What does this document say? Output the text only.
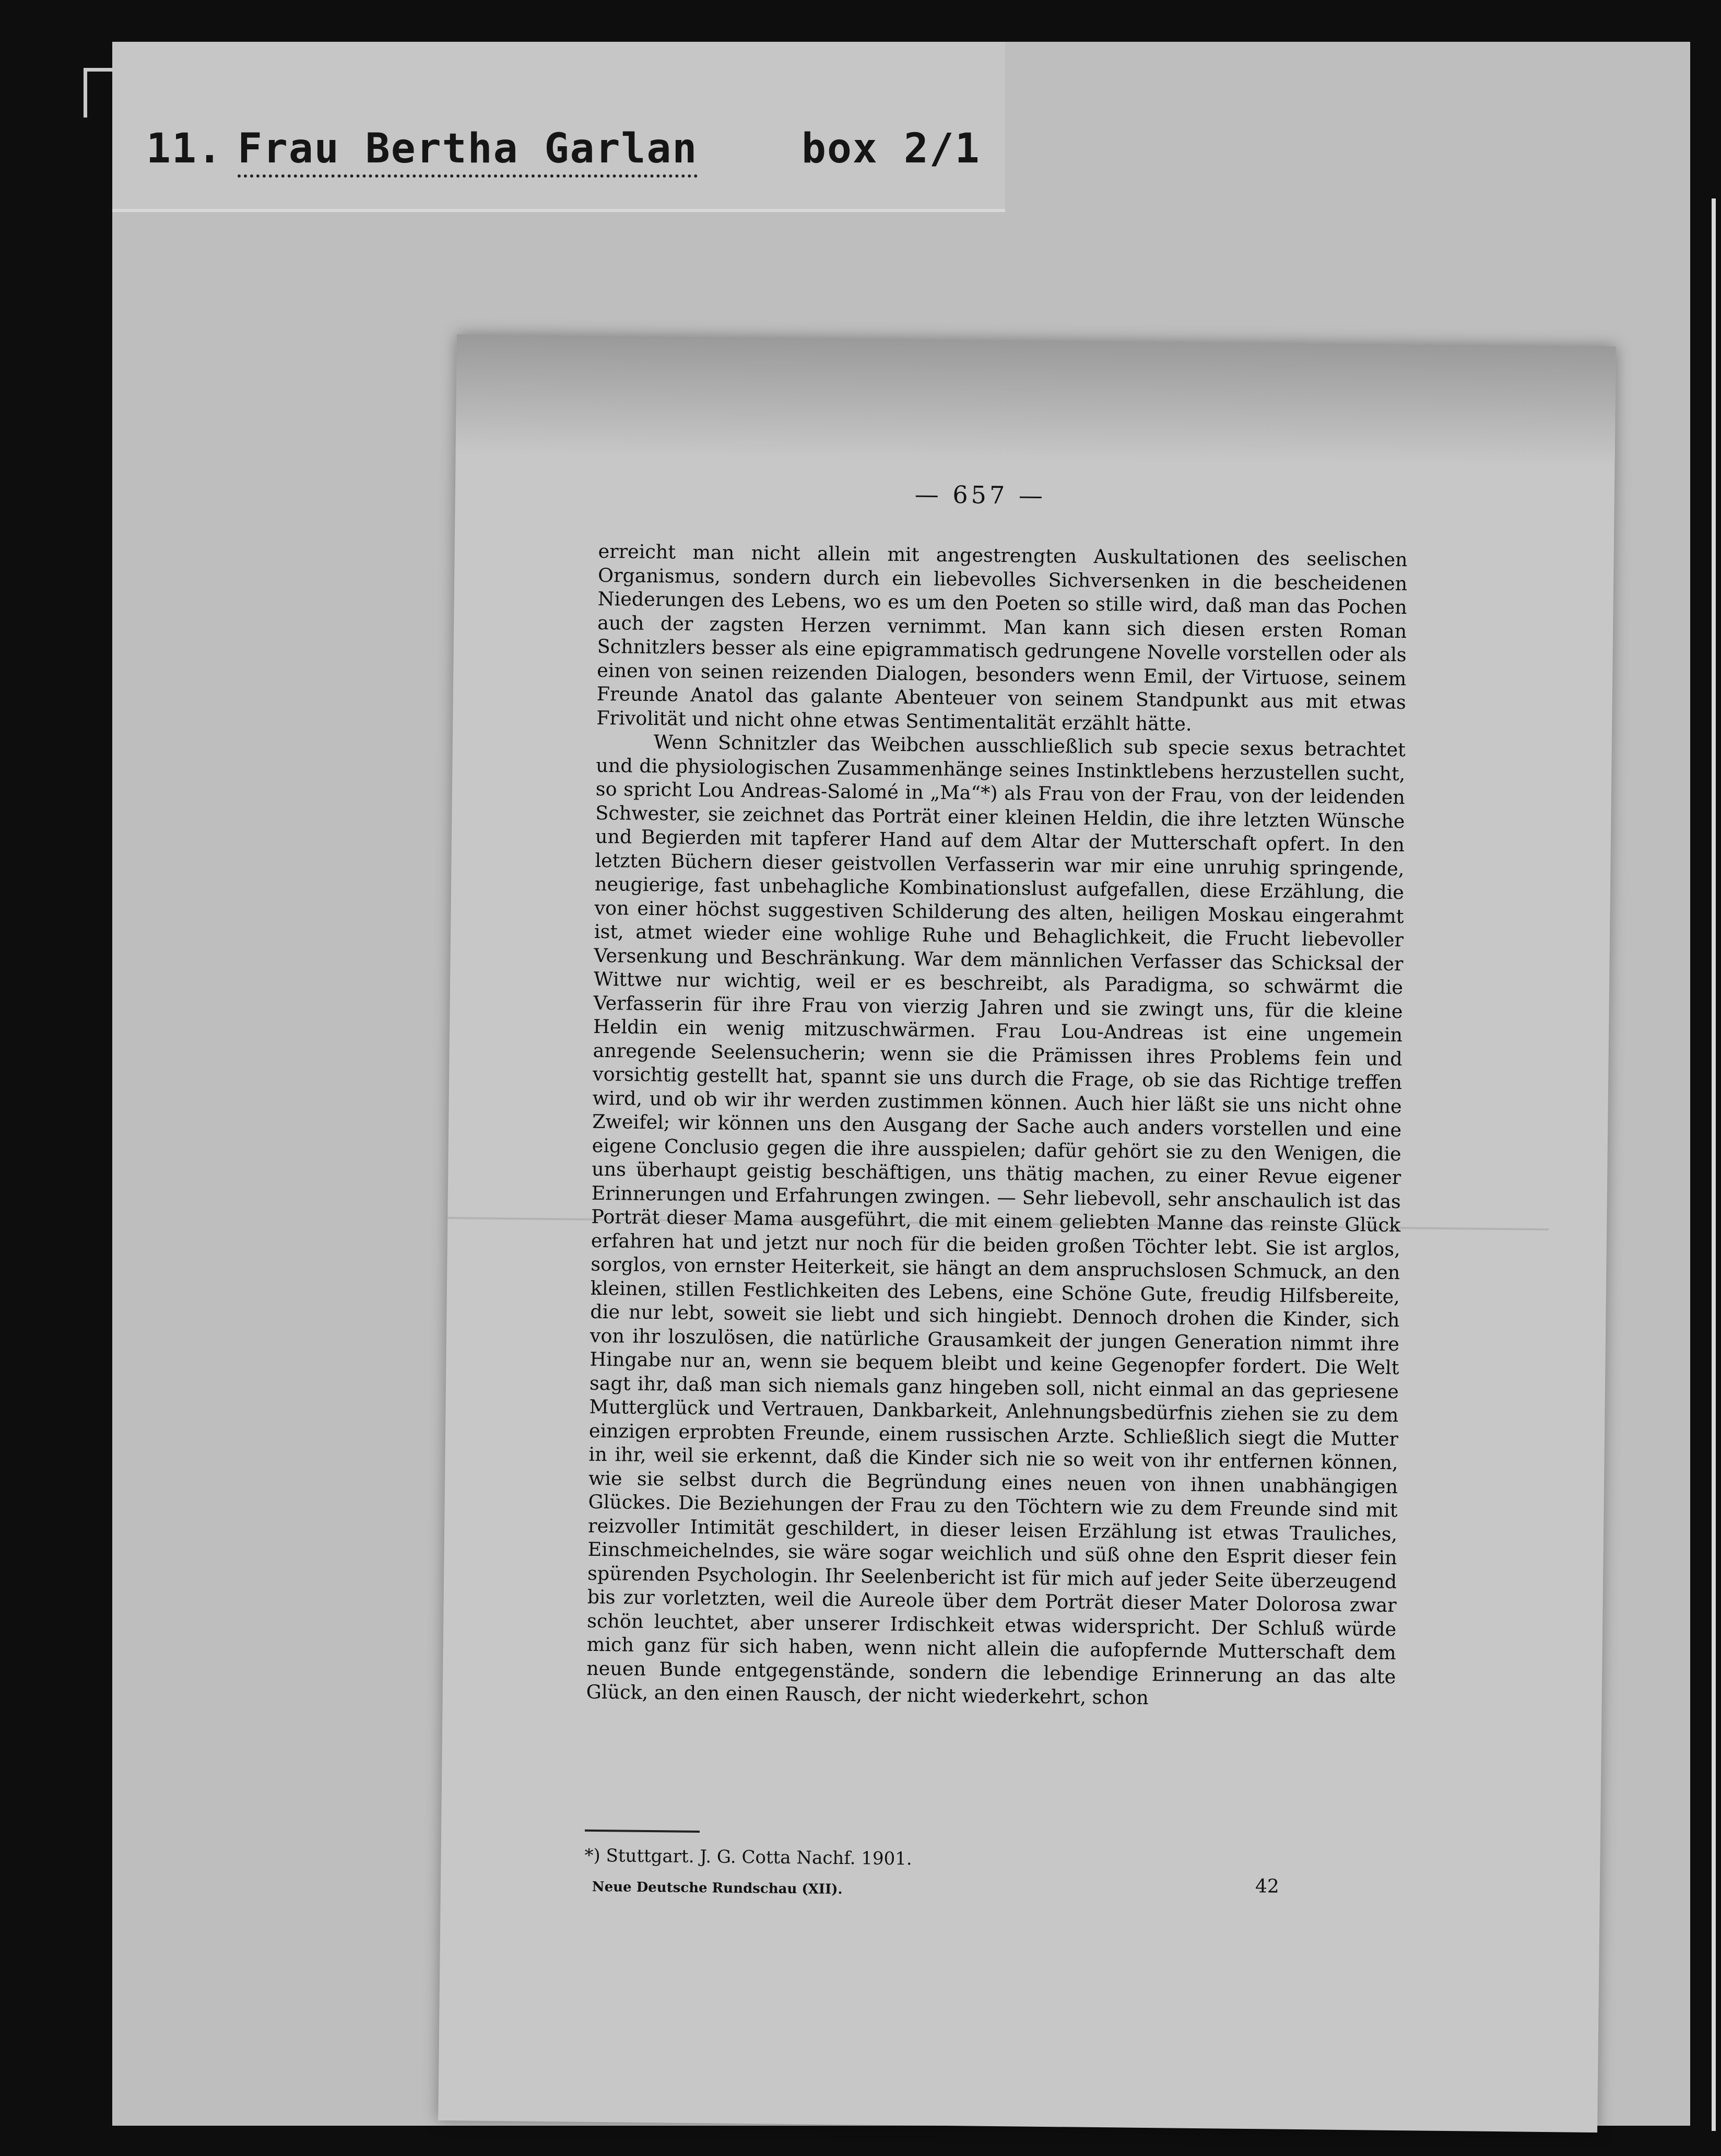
11. Frau Bertha Garlan	box 2/1
— 657 —

erreicht man nicht allein mit angestrengten Auskultationen des seelischen Organismus, sondern durch ein liebevolles Sichversenken in die bescheidenen Niederungen des Lebens, wo es um den Poeten so stille wird, daß man das Pochen auch der zagsten Herzen vernimmt. Man kann sich diesen ersten Roman Schnitzlers besser als eine epigrammatisch gedrungene Novelle vorstellen oder als einen von seinen reizenden Dialogen, besonders wenn Emil, der Virtuose, seinem Freunde Anatol das galante Abenteuer von seinem Standpunkt aus mit etwas Frivolität und nicht ohne etwas Sentimentalität erzählt hätte.

Wenn Schnitzler das Weibchen ausschließlich sub specie sexus betrachtet und die physiologischen Zusammenhänge seines Instinktlebens herzustellen sucht, so spricht Lou Andreas-Salomé in „Ma“*) als Frau von der Frau, von der leidenden Schwester, sie zeichnet das Porträt einer kleinen Heldin, die ihre letzten Wünsche und Begierden mit tapferer Hand auf dem Altar der Mutterschaft opfert. In den letzten Büchern dieser geistvollen Verfasserin war mir eine unruhig springende, neugierige, fast unbehagliche Kombinationslust aufgefallen, diese Erzählung, die von einer höchst suggestiven Schilderung des alten, heiligen Moskau eingerahmt ist, atmet wieder eine wohlige Ruhe und Behaglichkeit, die Frucht liebevoller Versenkung und Beschränkung. War dem männlichen Verfasser das Schicksal der Wittwe nur wichtig, weil er es beschreibt, als Paradigma, so schwärmt die Verfasserin für ihre Frau von vierzig Jahren und sie zwingt uns, für die kleine Heldin ein wenig mitzuschwärmen. Frau Lou-Andreas ist eine ungemein anregende Seelensucherin; wenn sie die Prämissen ihres Problems fein und vorsichtig gestellt hat, spannt sie uns durch die Frage, ob sie das Richtige treffen wird, und ob wir ihr werden zustimmen können. Auch hier läßt sie uns nicht ohne Zweifel; wir können uns den Ausgang der Sache auch anders vorstellen und eine eigene Conclusio gegen die ihre ausspielen; dafür gehört sie zu den Wenigen, die uns überhaupt geistig beschäftigen, uns thätig machen, zu einer Revue eigener Erinnerungen und Erfahrungen zwingen. — Sehr liebevoll, sehr anschaulich ist das Porträt dieser Mama ausgeführt, die mit einem geliebten Manne das reinste Glück erfahren hat und jetzt nur noch für die beiden großen Töchter lebt. Sie ist arglos, sorglos, von ernster Heiterkeit, sie hängt an dem anspruchslosen Schmuck, an den kleinen, stillen Festlichkeiten des Lebens, eine Schöne Gute, freudig Hilfsbereite, die nur lebt, soweit sie liebt und sich hingiebt. Dennoch drohen die Kinder, sich von ihr loszulösen, die natürliche Grausamkeit der jungen Generation nimmt ihre Hingabe nur an, wenn sie bequem bleibt und keine Gegenopfer fordert. Die Welt sagt ihr, daß man sich niemals ganz hingeben soll, nicht einmal an das gepriesene Mutterglück und Vertrauen, Dankbarkeit, Anlehnungsbedürfnis ziehen sie zu dem einzigen erprobten Freunde, einem russischen Arzte. Schließlich siegt die Mutter in ihr, weil sie erkennt, daß die Kinder sich nie so weit von ihr entfernen können, wie sie selbst durch die Begründung eines neuen von ihnen unabhängigen Glückes. Die Beziehungen der Frau zu den Töchtern wie zu dem Freunde sind mit reizvoller Intimität geschildert, in dieser leisen Erzählung ist etwas Trauliches, Einschmeichelndes, sie wäre sogar weichlich und süß ohne den Esprit dieser fein spürenden Psychologin. Ihr Seelenbericht ist für mich auf jeder Seite überzeugend bis zur vorletzten, weil die Aureole über dem Porträt dieser Mater Dolorosa zwar schön leuchtet, aber unserer Irdischkeit etwas widerspricht. Der Schluß würde mich ganz für sich haben, wenn nicht allein die aufopfernde Mutterschaft dem neuen Bunde entgegenstände, sondern die lebendige Erinnerung an das alte Glück, an den einen Rausch, der nicht wiederkehrt, schon

*) Stuttgart. J. G. Cotta Nachf. 1901.
Neue Deutsche Rundschau (XII).	42
